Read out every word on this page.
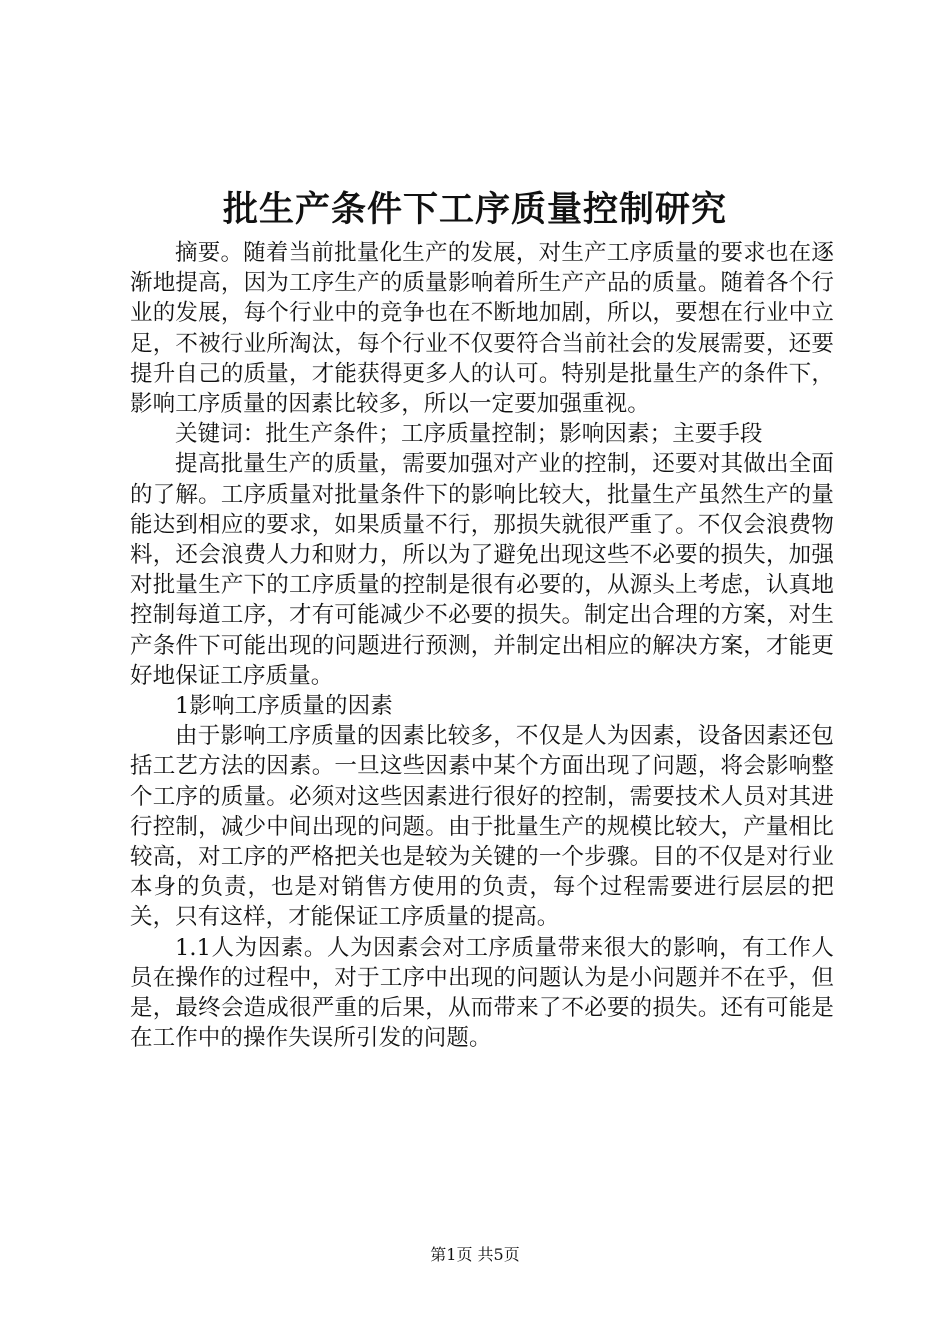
批生产条件下工序质量控制研究

摘要。随着当前批量化生产的发展，对生产工序质量的要求也在逐渐地提高，因为工序生产的质量影响着所生产产品的质量。随着各个行业的发展，每个行业中的竞争也在不断地加剧，所以，要想在行业中立足，不被行业所淘汰，每个行业不仅要符合当前社会的发展需要，还要提升自己的质量，才能获得更多人的认可。特别是批量生产的条件下，影响工序质量的因素比较多，所以一定要加强重视。

关键词：批生产条件；工序质量控制；影响因素；主要手段

提高批量生产的质量，需要加强对产业的控制，还要对其做出全面的了解。工序质量对批量条件下的影响比较大，批量生产虽然生产的量能达到相应的要求，如果质量不行，那损失就很严重了。不仅会浪费物料，还会浪费人力和财力，所以为了避免出现这些不必要的损失，加强对批量生产下的工序质量的控制是很有必要的，从源头上考虑，认真地控制每道工序，才有可能减少不必要的损失。制定出合理的方案，对生产条件下可能出现的问题进行预测，并制定出相应的解决方案，才能更好地保证工序质量。

1影响工序质量的因素

由于影响工序质量的因素比较多，不仅是人为因素，设备因素还包括工艺方法的因素。一旦这些因素中某个方面出现了问题，将会影响整个工序的质量。必须对这些因素进行很好的控制，需要技术人员对其进行控制，减少中间出现的问题。由于批量生产的规模比较大，产量相比较高，对工序的严格把关也是较为关键的一个步骤。目的不仅是对行业本身的负责，也是对销售方使用的负责，每个过程需要进行层层的把关，只有这样，才能保证工序质量的提高。

1.1人为因素。人为因素会对工序质量带来很大的影响，有工作人员在操作的过程中，对于工序中出现的问题认为是小问题并不在乎，但是，最终会造成很严重的后果，从而带来了不必要的损失。还有可能是在工作中的操作失误所引发的问题。

第1页 共5页
